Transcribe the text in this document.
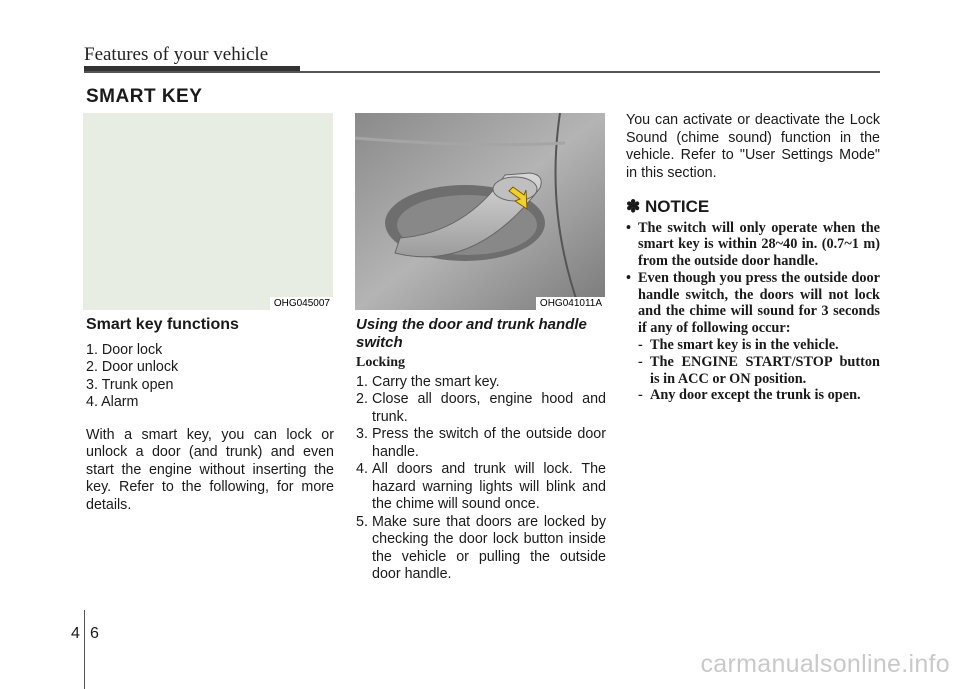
Features of your vehicle
SMART KEY
OHG045007	OHG041011A
Smart key functions
1. Door lock
2. Door unlock
3. Trunk open
4. Alarm
With a smart key, you can lock or unlock a door (and trunk) and even start the engine without inserting the key. Refer to the following, for more details.
Using the door and trunk handle switch
Locking
1. Carry the smart key.
2. Close all doors, engine hood and trunk.
3. Press the switch of the outside door handle.
4. All doors and trunk will lock. The hazard warning lights will blink and the chime will sound once.
5. Make sure that doors are locked by checking the door lock button inside the vehicle or pulling the outside door handle.
You can activate or deactivate the Lock Sound (chime sound) function in the vehicle. Refer to "User Settings Mode" in this section.
✽ NOTICE
• The switch will only operate when the smart key is within 28~40 in. (0.7~1 m) from the outside door handle.
• Even though you press the outside door handle switch, the doors will not lock and the chime will sound for 3 seconds if any of following occur:
- The smart key is in the vehicle.
- The ENGINE START/STOP button is in ACC or ON position.
- Any door except the trunk is open.
4 6
carmanualsonline.info
